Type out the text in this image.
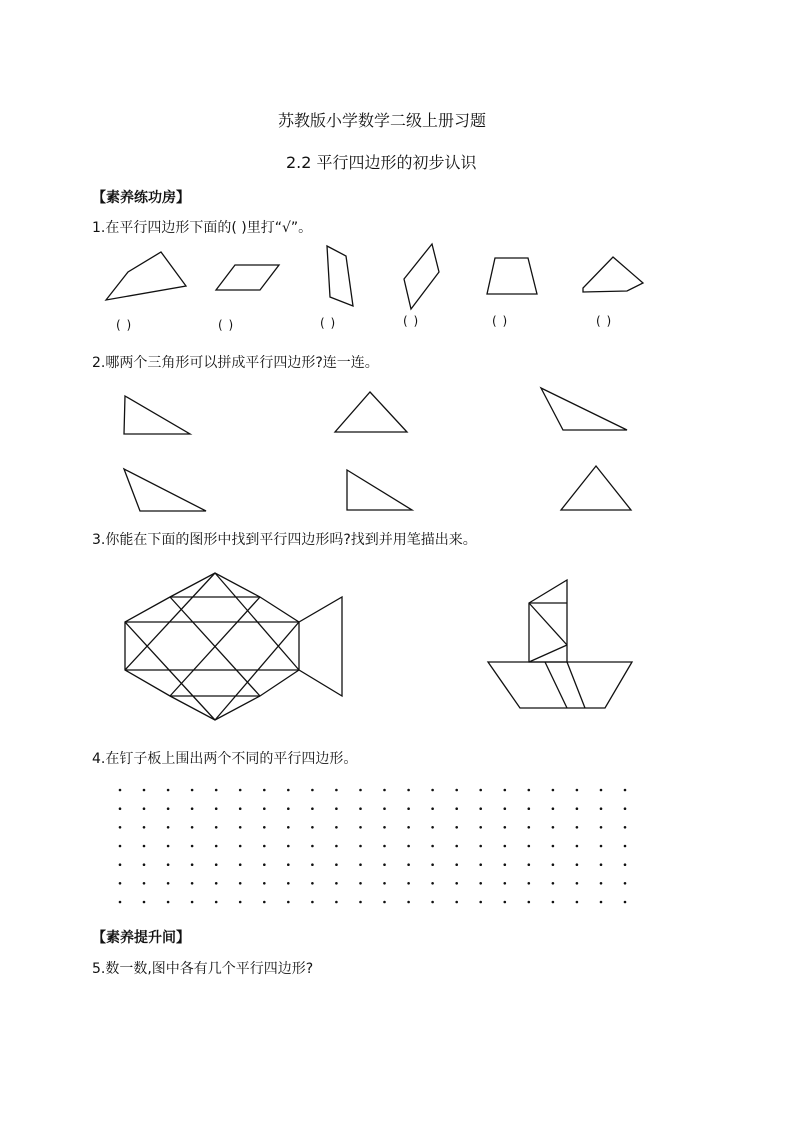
苏教版小学数学二级上册习题
2.2 平行四边形的初步认识
【素养练功房】
1.在平行四边形下面的( )里打“√”。
( )	( )	( )	( )	( )	( )
2.哪两个三角形可以拼成平行四边形?连一连。
3.你能在下面的图形中找到平行四边形吗?找到并用笔描出来。
4.在钉子板上围出两个不同的平行四边形。
【素养提升间】
5.数一数,图中各有几个平行四边形?
